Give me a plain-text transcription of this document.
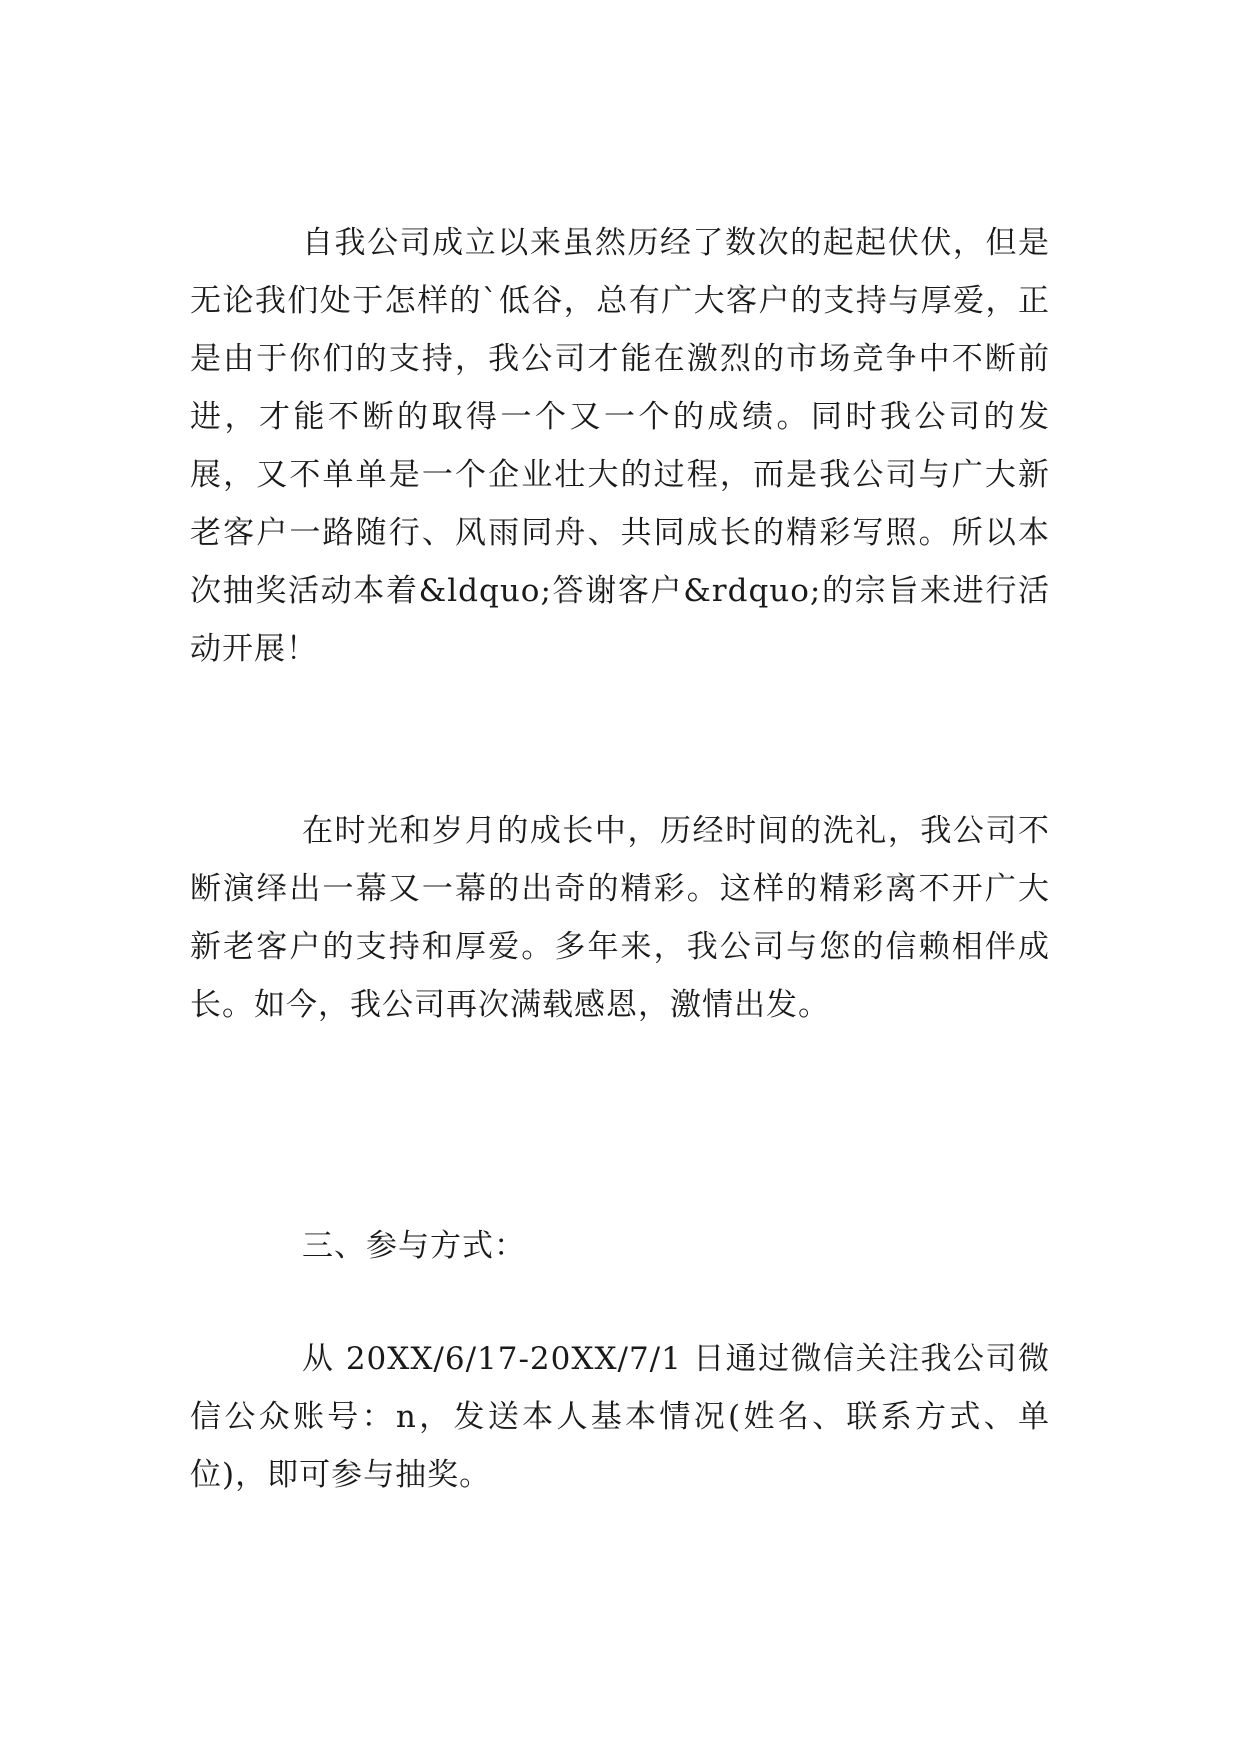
自我公司成立以来虽然历经了数次的起起伏伏，但是无论我们处于怎样的`低谷，总有广大客户的支持与厚爱，正是由于你们的支持，我公司才能在激烈的市场竞争中不断前进，才能不断的取得一个又一个的成绩。同时我公司的发展，又不单单是一个企业壮大的过程，而是我公司与广大新老客户一路随行、风雨同舟、共同成长的精彩写照。所以本次抽奖活动本着&ldquo;答谢客户&rdquo;的宗旨来进行活动开展！

在时光和岁月的成长中，历经时间的洗礼，我公司不断演绎出一幕又一幕的出奇的精彩。这样的精彩离不开广大新老客户的支持和厚爱。多年来，我公司与您的信赖相伴成长。如今，我公司再次满载感恩，激情出发。

三、参与方式：

从 20XX/6/17-20XX/7/1 日通过微信关注我公司微信公众账号：n，发送本人基本情况(姓名、联系方式、单位)，即可参与抽奖。
